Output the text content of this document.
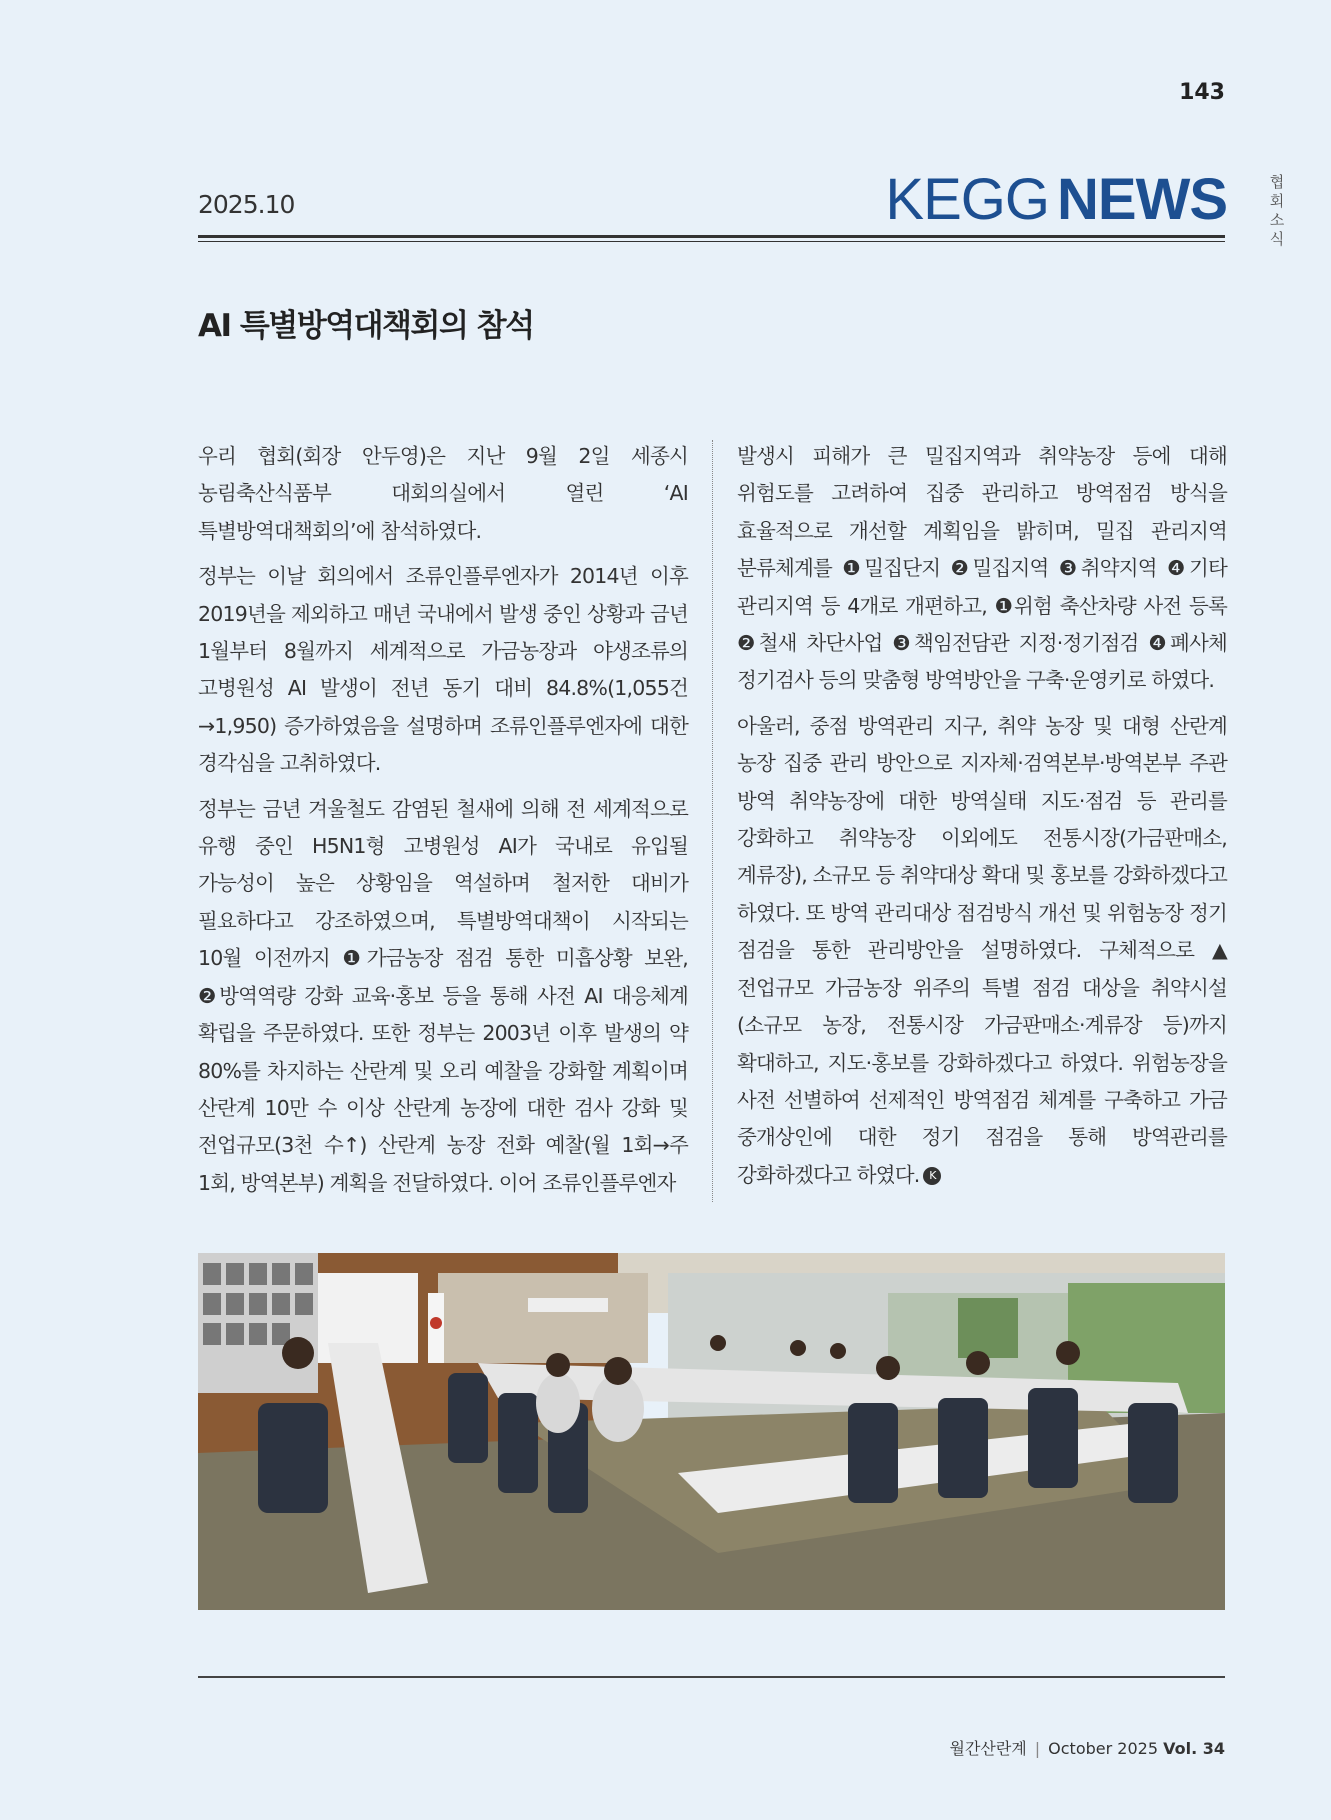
143
협
회
소
식
2025.10	KEGG NEWS
AI 특별방역대책회의 참석

우리 협회(회장 안두영)은 지난 9월 2일 세종시 농림축산식품부 대회의실에서 열린 ‘AI 특별방역대책회의’에 참석하였다.

정부는 이날 회의에서 조류인플루엔자가 2014년 이후 2019년을 제외하고 매년 국내에서 발생 중인 상황과 금년 1월부터 8월까지 세계적으로 가금농장과 야생조류의 고병원성 AI 발생이 전년 동기 대비 84.8%(1,055건→1,950) 증가하였음을 설명하며 조류인플루엔자에 대한 경각심을 고취하였다.

정부는 금년 겨울철도 감염된 철새에 의해 전 세계적으로 유행 중인 H5N1형 고병원성 AI가 국내로 유입될 가능성이 높은 상황임을 역설하며 철저한 대비가 필요하다고 강조하였으며, 특별방역대책이 시작되는 10월 이전까지 ❶가금농장 점검 통한 미흡상황 보완, ❷방역역량 강화 교육·홍보 등을 통해 사전 AI 대응체계 확립을 주문하였다. 또한 정부는 2003년 이후 발생의 약 80%를 차지하는 산란계 및 오리 예찰을 강화할 계획이며 산란계 10만 수 이상 산란계 농장에 대한 검사 강화 및 전업규모(3천 수↑) 산란계 농장 전화 예찰(월 1회→주 1회, 방역본부) 계획을 전달하였다. 이어 조류인플루엔자

발생시 피해가 큰 밀집지역과 취약농장 등에 대해 위험도를 고려하여 집중 관리하고 방역점검 방식을 효율적으로 개선할 계획임을 밝히며, 밀집 관리지역 분류체계를 ❶밀집단지 ❷밀집지역 ❸취약지역 ❹기타 관리지역 등 4개로 개편하고, ❶위험 축산차량 사전 등록 ❷철새 차단사업 ❸책임전담관 지정·정기점검 ❹폐사체 정기검사 등의 맞춤형 방역방안을 구축·운영키로 하였다.

아울러, 중점 방역관리 지구, 취약 농장 및 대형 산란계 농장 집중 관리 방안으로 지자체·검역본부·방역본부 주관 방역 취약농장에 대한 방역실태 지도·점검 등 관리를 강화하고 취약농장 이외에도 전통시장(가금판매소, 계류장), 소규모 등 취약대상 확대 및 홍보를 강화하겠다고 하였다. 또 방역 관리대상 점검방식 개선 및 위험농장 정기 점검을 통한 관리방안을 설명하였다. 구체적으로 ▲ 전업규모 가금농장 위주의 특별 점검 대상을 취약시설(소규모 농장, 전통시장 가금판매소·계류장 등)까지 확대하고, 지도·홍보를 강화하겠다고 하였다. 위험농장을 사전 선별하여 선제적인 방역점검 체계를 구축하고 가금 중개상인에 대한 정기 점검을 통해 방역관리를 강화하겠다고 하였다. K

월간산란계 | October 2025 Vol. 34
